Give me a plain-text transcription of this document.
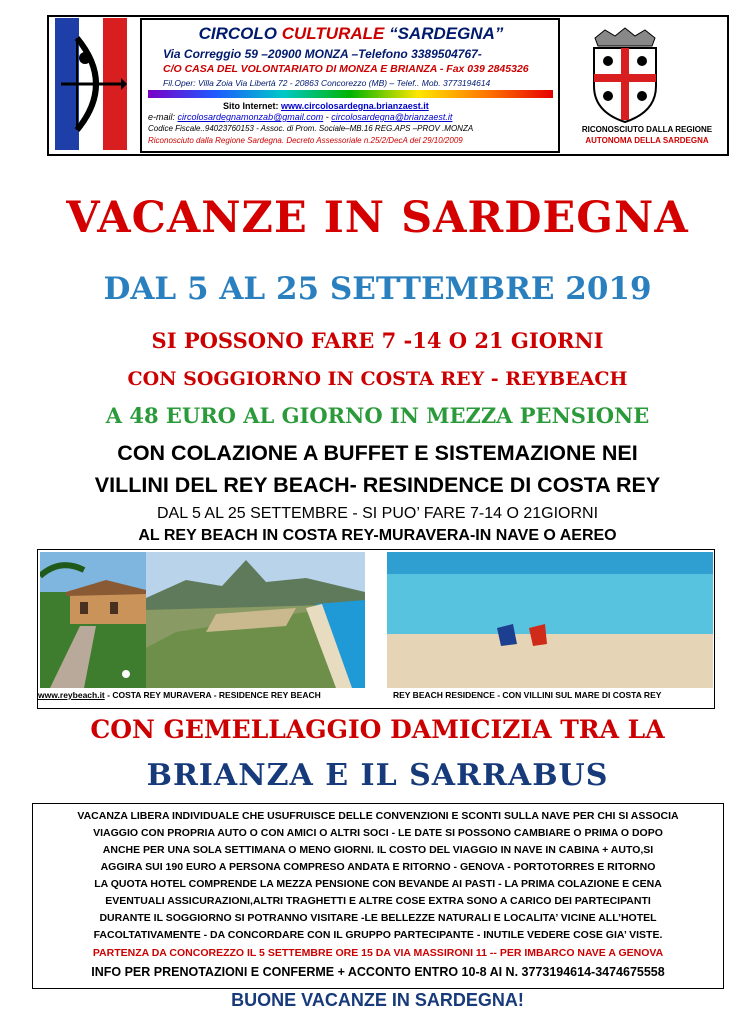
CIRCOLO CULTURALE “SARDEGNA”
Via Correggio 59 –20900 MONZA –Telefono 3389504767-
C/O CASA DEL VOLONTARIATO DI MONZA E BRIANZA - Fax 039 2845326
Fil.Oper: Villa Zoia Via Libertà 72 - 20863 Concorezzo (MB) – Telef.. Mob. 3773194614
Sito Internet: www.circolosardegna.brianzaest.it
e-mail: circolosardegnamonzab@gmail.com - circolosardegna@brianzaest.it
Codice Fiscale..94023760153 - Assoc. di Prom. Sociale–MB.16 REG.APS –PROV .MONZA
Riconosciuto dalla Regione Sardegna. Decreto Assessoriale n.25/2/DecA del 29/10/2009
RICONOSCIUTO DALLA REGIONE
AUTONOMA DELLA SARDEGNA
VACANZE IN SARDEGNA
DAL 5 AL 25 SETTEMBRE 2019
SI POSSONO FARE 7 -14 O 21 GIORNI
CON SOGGIORNO IN COSTA REY - REYBEACH
A 48 EURO AL GIORNO IN MEZZA PENSIONE
CON COLAZIONE A BUFFET E SISTEMAZIONE NEI
VILLINI DEL REY BEACH- RESINDENCE DI COSTA REY
DAL 5 AL 25 SETTEMBRE - SI PUO’ FARE 7-14 O 21GIORNI
AL REY BEACH IN COSTA REY-MURAVERA-IN NAVE O AEREO
www.reybeach.it - COSTA REY MURAVERA - RESIDENCE REY BEACH	REY BEACH RESIDENCE - CON VILLINI SUL MARE DI COSTA REY
CON GEMELLAGGIO DAMICIZIA TRA LA
BRIANZA E IL SARRABUS
VACANZA LIBERA INDIVIDUALE CHE USUFRUISCE DELLE CONVENZIONI E SCONTI SULLA NAVE PER CHI SI ASSOCIA
VIAGGIO CON PROPRIA AUTO O CON AMICI O ALTRI SOCI - LE DATE SI POSSONO CAMBIARE O PRIMA O DOPO
ANCHE PER UNA SOLA SETTIMANA O MENO GIORNI. IL COSTO DEL VIAGGIO IN NAVE IN CABINA + AUTO,SI
AGGIRA SUI 190 EURO A PERSONA COMPRESO ANDATA E RITORNO - GENOVA - PORTOTORRES E RITORNO
LA QUOTA HOTEL COMPRENDE LA MEZZA PENSIONE CON BEVANDE AI PASTI - LA PRIMA COLAZIONE E CENA
EVENTUALI ASSICURAZIONI,ALTRI TRAGHETTI E ALTRE COSE EXTRA SONO A CARICO DEI PARTECIPANTI
DURANTE IL SOGGIORNO SI POTRANNO VISITARE -LE BELLEZZE NATURALI E LOCALITA’ VICINE ALL’HOTEL
FACOLTATIVAMENTE - DA CONCORDARE CON IL GRUPPO PARTECIPANTE - INUTILE VEDERE COSE GIA’ VISTE.
PARTENZA DA CONCOREZZO IL 5 SETTEMBRE ORE 15 DA VIA MASSIRONI 11 -- PER IMBARCO NAVE A GENOVA
INFO PER PRENOTAZIONI E CONFERME + ACCONTO ENTRO 10-8 AI N. 3773194614-3474675558
BUONE VACANZE IN SARDEGNA!
